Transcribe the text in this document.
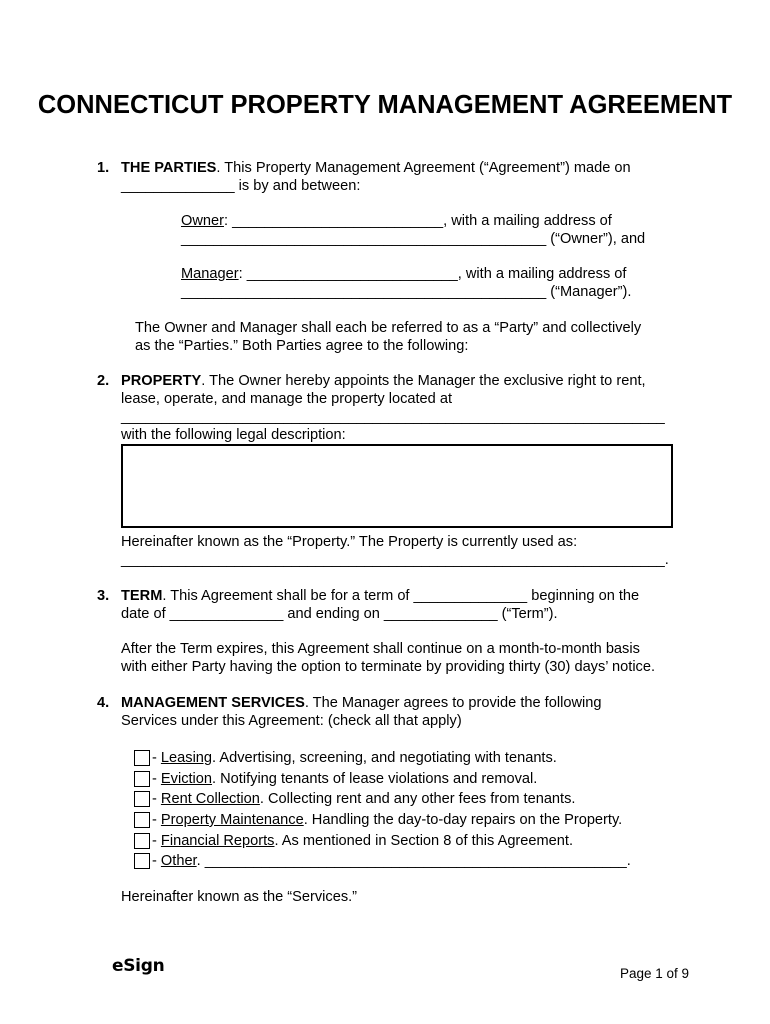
CONNECTICUT PROPERTY MANAGEMENT AGREEMENT
1. THE PARTIES. This Property Management Agreement (“Agreement”) made on
______________ is by and between:
Owner: __________________________, with a mailing address of
_____________________________________________ (“Owner”), and
Manager: __________________________, with a mailing address of
_____________________________________________ (“Manager”).
The Owner and Manager shall each be referred to as a “Party” and collectively
as the “Parties.” Both Parties agree to the following:
2. PROPERTY. The Owner hereby appoints the Manager the exclusive right to rent,
lease, operate, and manage the property located at
___________________________________________________________________
with the following legal description:
Hereinafter known as the “Property.” The Property is currently used as:
___________________________________________________________________.
3. TERM. This Agreement shall be for a term of ______________ beginning on the
date of ______________ and ending on ______________ (“Term”).
After the Term expires, this Agreement shall continue on a month-to-month basis
with either Party having the option to terminate by providing thirty (30) days’ notice.
4. MANAGEMENT SERVICES. The Manager agrees to provide the following
Services under this Agreement: (check all that apply)
- Leasing. Advertising, screening, and negotiating with tenants.
- Eviction. Notifying tenants of lease violations and removal.
- Rent Collection. Collecting rent and any other fees from tenants.
- Property Maintenance. Handling the day-to-day repairs on the Property.
- Financial Reports. As mentioned in Section 8 of this Agreement.
- Other. ____________________________________________________.
Hereinafter known as the “Services.”
eSign	Page 1 of 9
